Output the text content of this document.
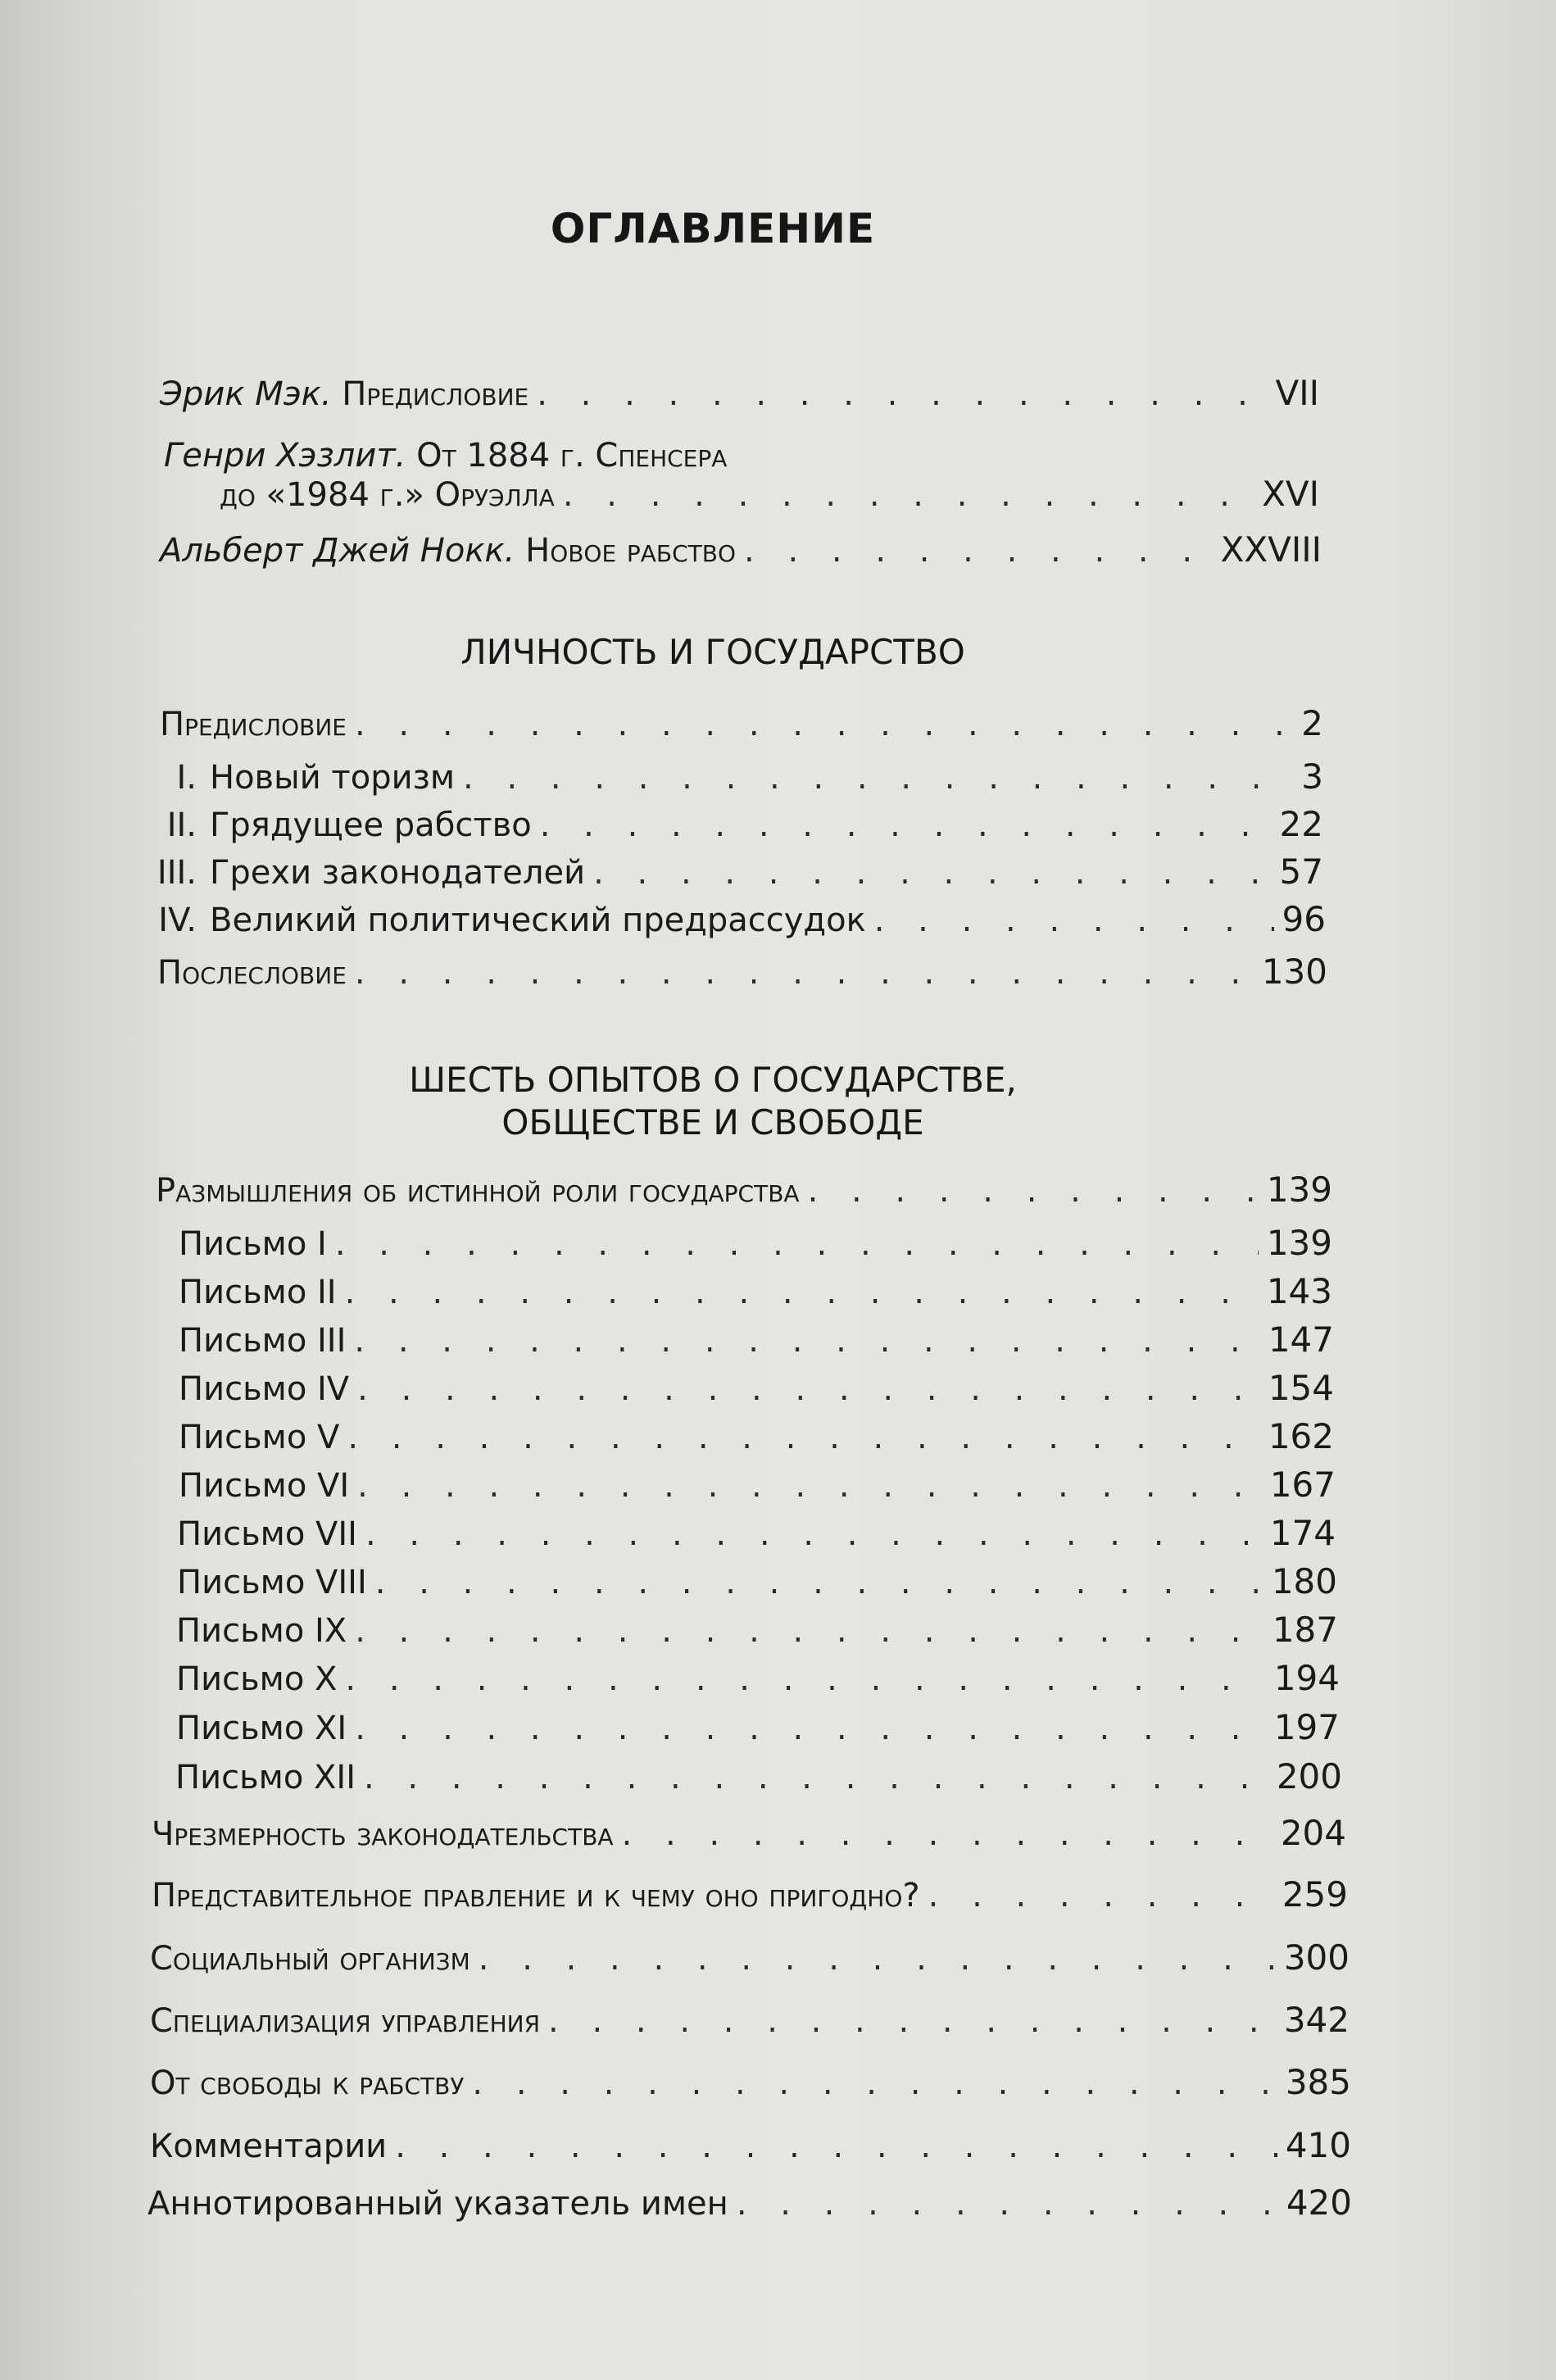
ОГЛАВЛЕНИЕ
Эрик Мэк. Предисловие . . .	VII
Генри Хэзлит. От 1884 г. Спенсера
до «1984 г.» Оруэлла . . .	XVI
Альберт Джей Нокк. Новое рабство . . .	XXVIII
ЛИЧНОСТЬ И ГОСУДАРСТВО
Предисловие . . .	2
I. Новый торизм . . .	3
II. Грядущее рабство . . .	22
III. Грехи законодателей . . .	57
IV. Великий политический предрассудок . . .	96
Послесловие . . .	130
ШЕСТЬ ОПЫТОВ О ГОСУДАРСТВЕ,
ОБЩЕСТВЕ И СВОБОДЕ
Размышления об истинной роли государства . . .	139
Письмо I . . .	139
Письмо II . . .	143
Письмо III . . .	147
Письмо IV . . .	154
Письмо V . . .	162
Письмо VI . . .	167
Письмо VII . . .	174
Письмо VIII . . .	180
Письмо IX . . .	187
Письмо X . . .	194
Письмо XI . . .	197
Письмо XII . . .	200
Чрезмерность законодательства . . .	204
Представительное правление и к чему оно пригодно? . . .	259
Социальный организм . . .	300
Специализация управления . . .	342
От свободы к рабству . . .	385
Комментарии . . .	410
Аннотированный указатель имен . . .	420
